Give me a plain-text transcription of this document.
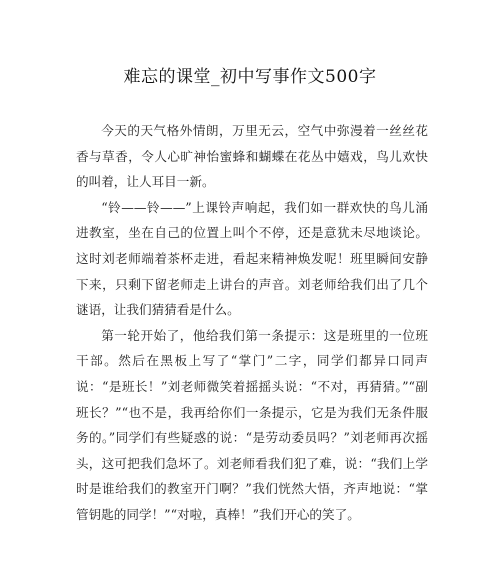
难忘的课堂_初中写事作文500字

今天的天气格外情朗，万里无云，空气中弥漫着一丝丝花香与草香，令人心旷神怡蜜蜂和蝴蝶在花丛中嬉戏，鸟儿欢快的叫着，让人耳目一新。

“铃——铃——”上课铃声响起，我们如一群欢快的鸟儿涌进教室，坐在自己的位置上叫个不停，还是意犹未尽地谈论。这时刘老师端着茶杯走进，看起来精神焕发呢！班里瞬间安静下来，只剩下留老师走上讲台的声音。刘老师给我们出了几个谜语，让我们猜猜看是什么。

第一轮开始了，他给我们第一条提示：这是班里的一位班干部。然后在黑板上写了“掌门”二字，同学们都异口同声说：“是班长！”刘老师微笑着摇摇头说：“不对，再猜猜。”“副班长？”“也不是，我再给你们一条提示，它是为我们无条件服务的。”同学们有些疑惑的说：“是劳动委员吗？”刘老师再次摇头，这可把我们急坏了。刘老师看我们犯了难，说：“我们上学时是谁给我们的教室开门啊？”我们恍然大悟，齐声地说：“掌管钥匙的同学！”“对啦，真棒！”我们开心的笑了。
